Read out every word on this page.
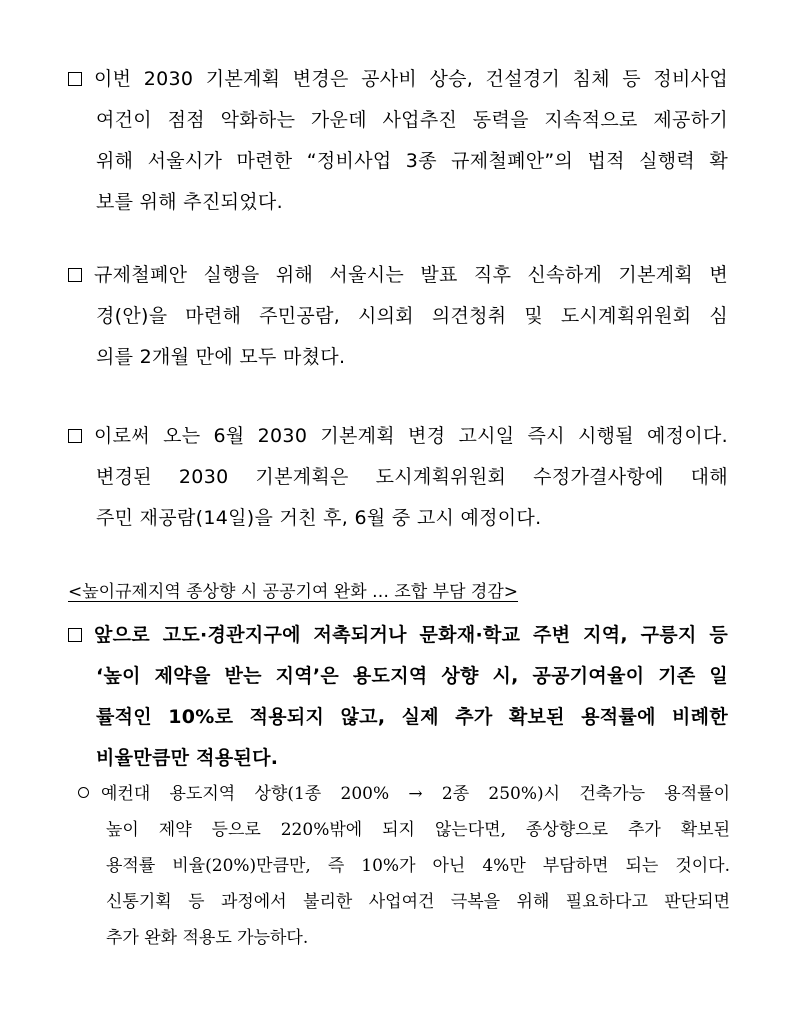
이번 2030 기본계획 변경은 공사비 상승, 건설경기 침체 등 정비사업
여건이 점점 악화하는 가운데 사업추진 동력을 지속적으로 제공하기
위해 서울시가 마련한 “정비사업 3종 규제철폐안”의 법적 실행력 확
보를 위해 추진되었다.
규제철폐안 실행을 위해 서울시는 발표 직후 신속하게 기본계획 변
경(안)을 마련해 주민공람, 시의회 의견청취 및 도시계획위원회 심
의를 2개월 만에 모두 마쳤다.
이로써 오는 6월 2030 기본계획 변경 고시일 즉시 시행될 예정이다.
변경된 2030 기본계획은 도시계획위원회 수정가결사항에 대해
주민 재공람(14일)을 거친 후, 6월 중 고시 예정이다.
<높이규제지역 종상향 시 공공기여 완화 … 조합 부담 경감>
앞으로 고도·경관지구에 저촉되거나 문화재·학교 주변 지역, 구릉지 등
‘높이 제약을 받는 지역’은 용도지역 상향 시, 공공기여율이 기존 일
률적인 10%로 적용되지 않고, 실제 추가 확보된 용적률에 비례한
비율만큼만 적용된다.
예컨대 용도지역 상향(1종 200% → 2종 250%)시 건축가능 용적률이
높이 제약 등으로 220%밖에 되지 않는다면, 종상향으로 추가 확보된
용적률 비율(20%)만큼만, 즉 10%가 아닌 4%만 부담하면 되는 것이다.
신통기획 등 과정에서 불리한 사업여건 극복을 위해 필요하다고 판단되면
추가 완화 적용도 가능하다.
